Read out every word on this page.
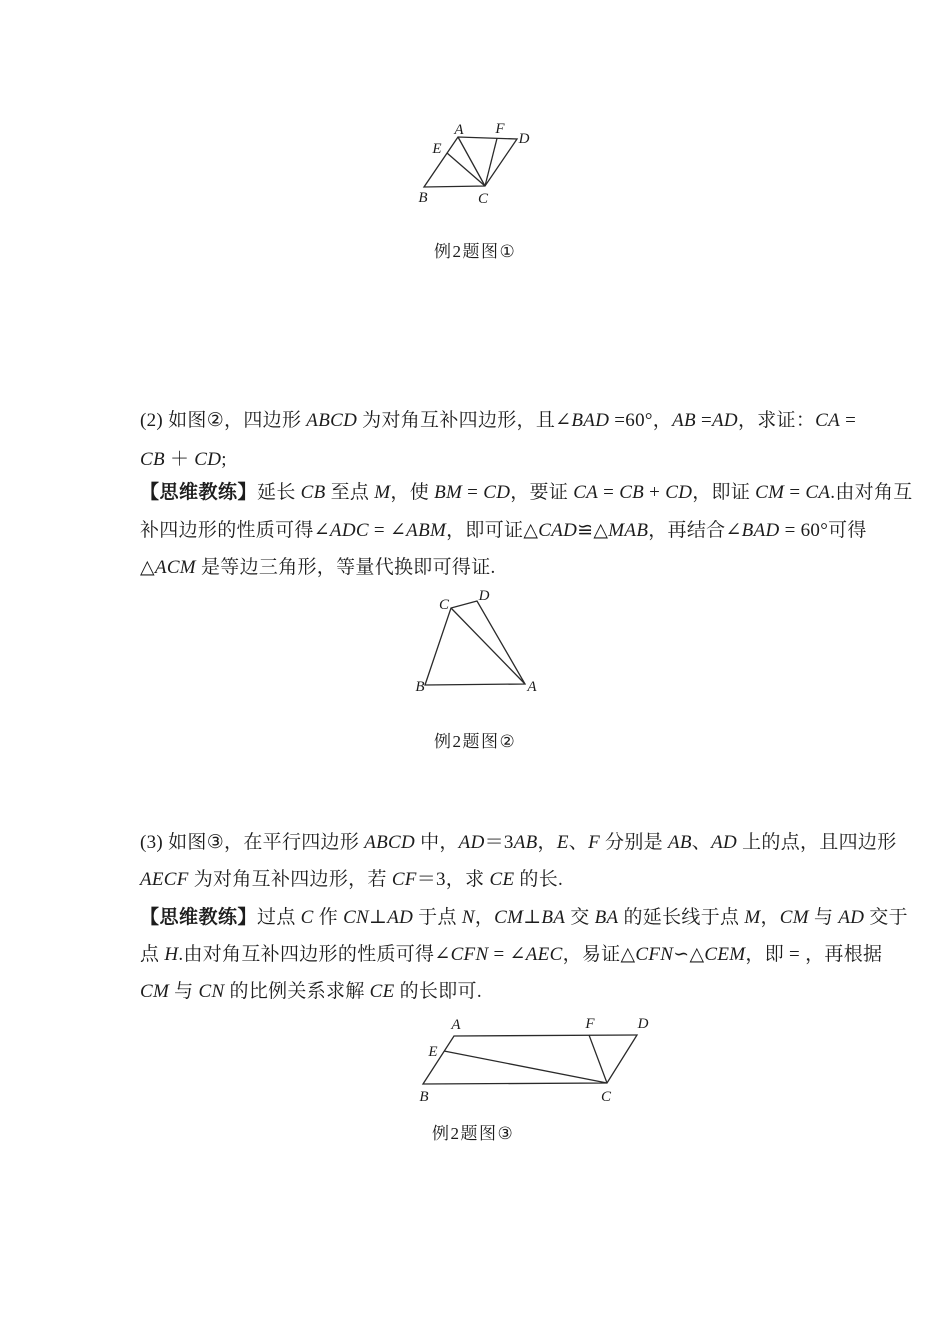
A F
D
E
B	C
例2题图①
(2) 如图②，四边形 ABCD 为对角互补四边形，且∠BAD =60°，AB =AD，求证：CA =
CB ＋ CD;
【思维教练】延长 CB 至点 M，使 BM = CD，要证 CA = CB + CD，即证 CM = CA.由对角互
补四边形的性质可得∠ADC = ∠ABM，即可证△CAD≌△MAB，再结合∠BAD = 60°可得
△ACM 是等边三角形，等量代换即可得证.
C
D
B	A
例2题图②
(3) 如图③，在平行四边形 ABCD 中，AD＝3AB，E、F 分别是 AB、AD 上的点，且四边形
AECF 为对角互补四边形，若 CF＝3，求 CE 的长.
【思维教练】过点 C 作 CN⊥AD 于点 N，CM⊥BA 交 BA 的延长线于点 M，CM 与 AD 交于
点 H.由对角互补四边形的性质可得∠CFN = ∠AEC，易证△CFN∽△CEM，即 = ，再根据
CM 与 CN 的比例关系求解 CE 的长即可.
A	F	D
E
B	C
例2题图③
